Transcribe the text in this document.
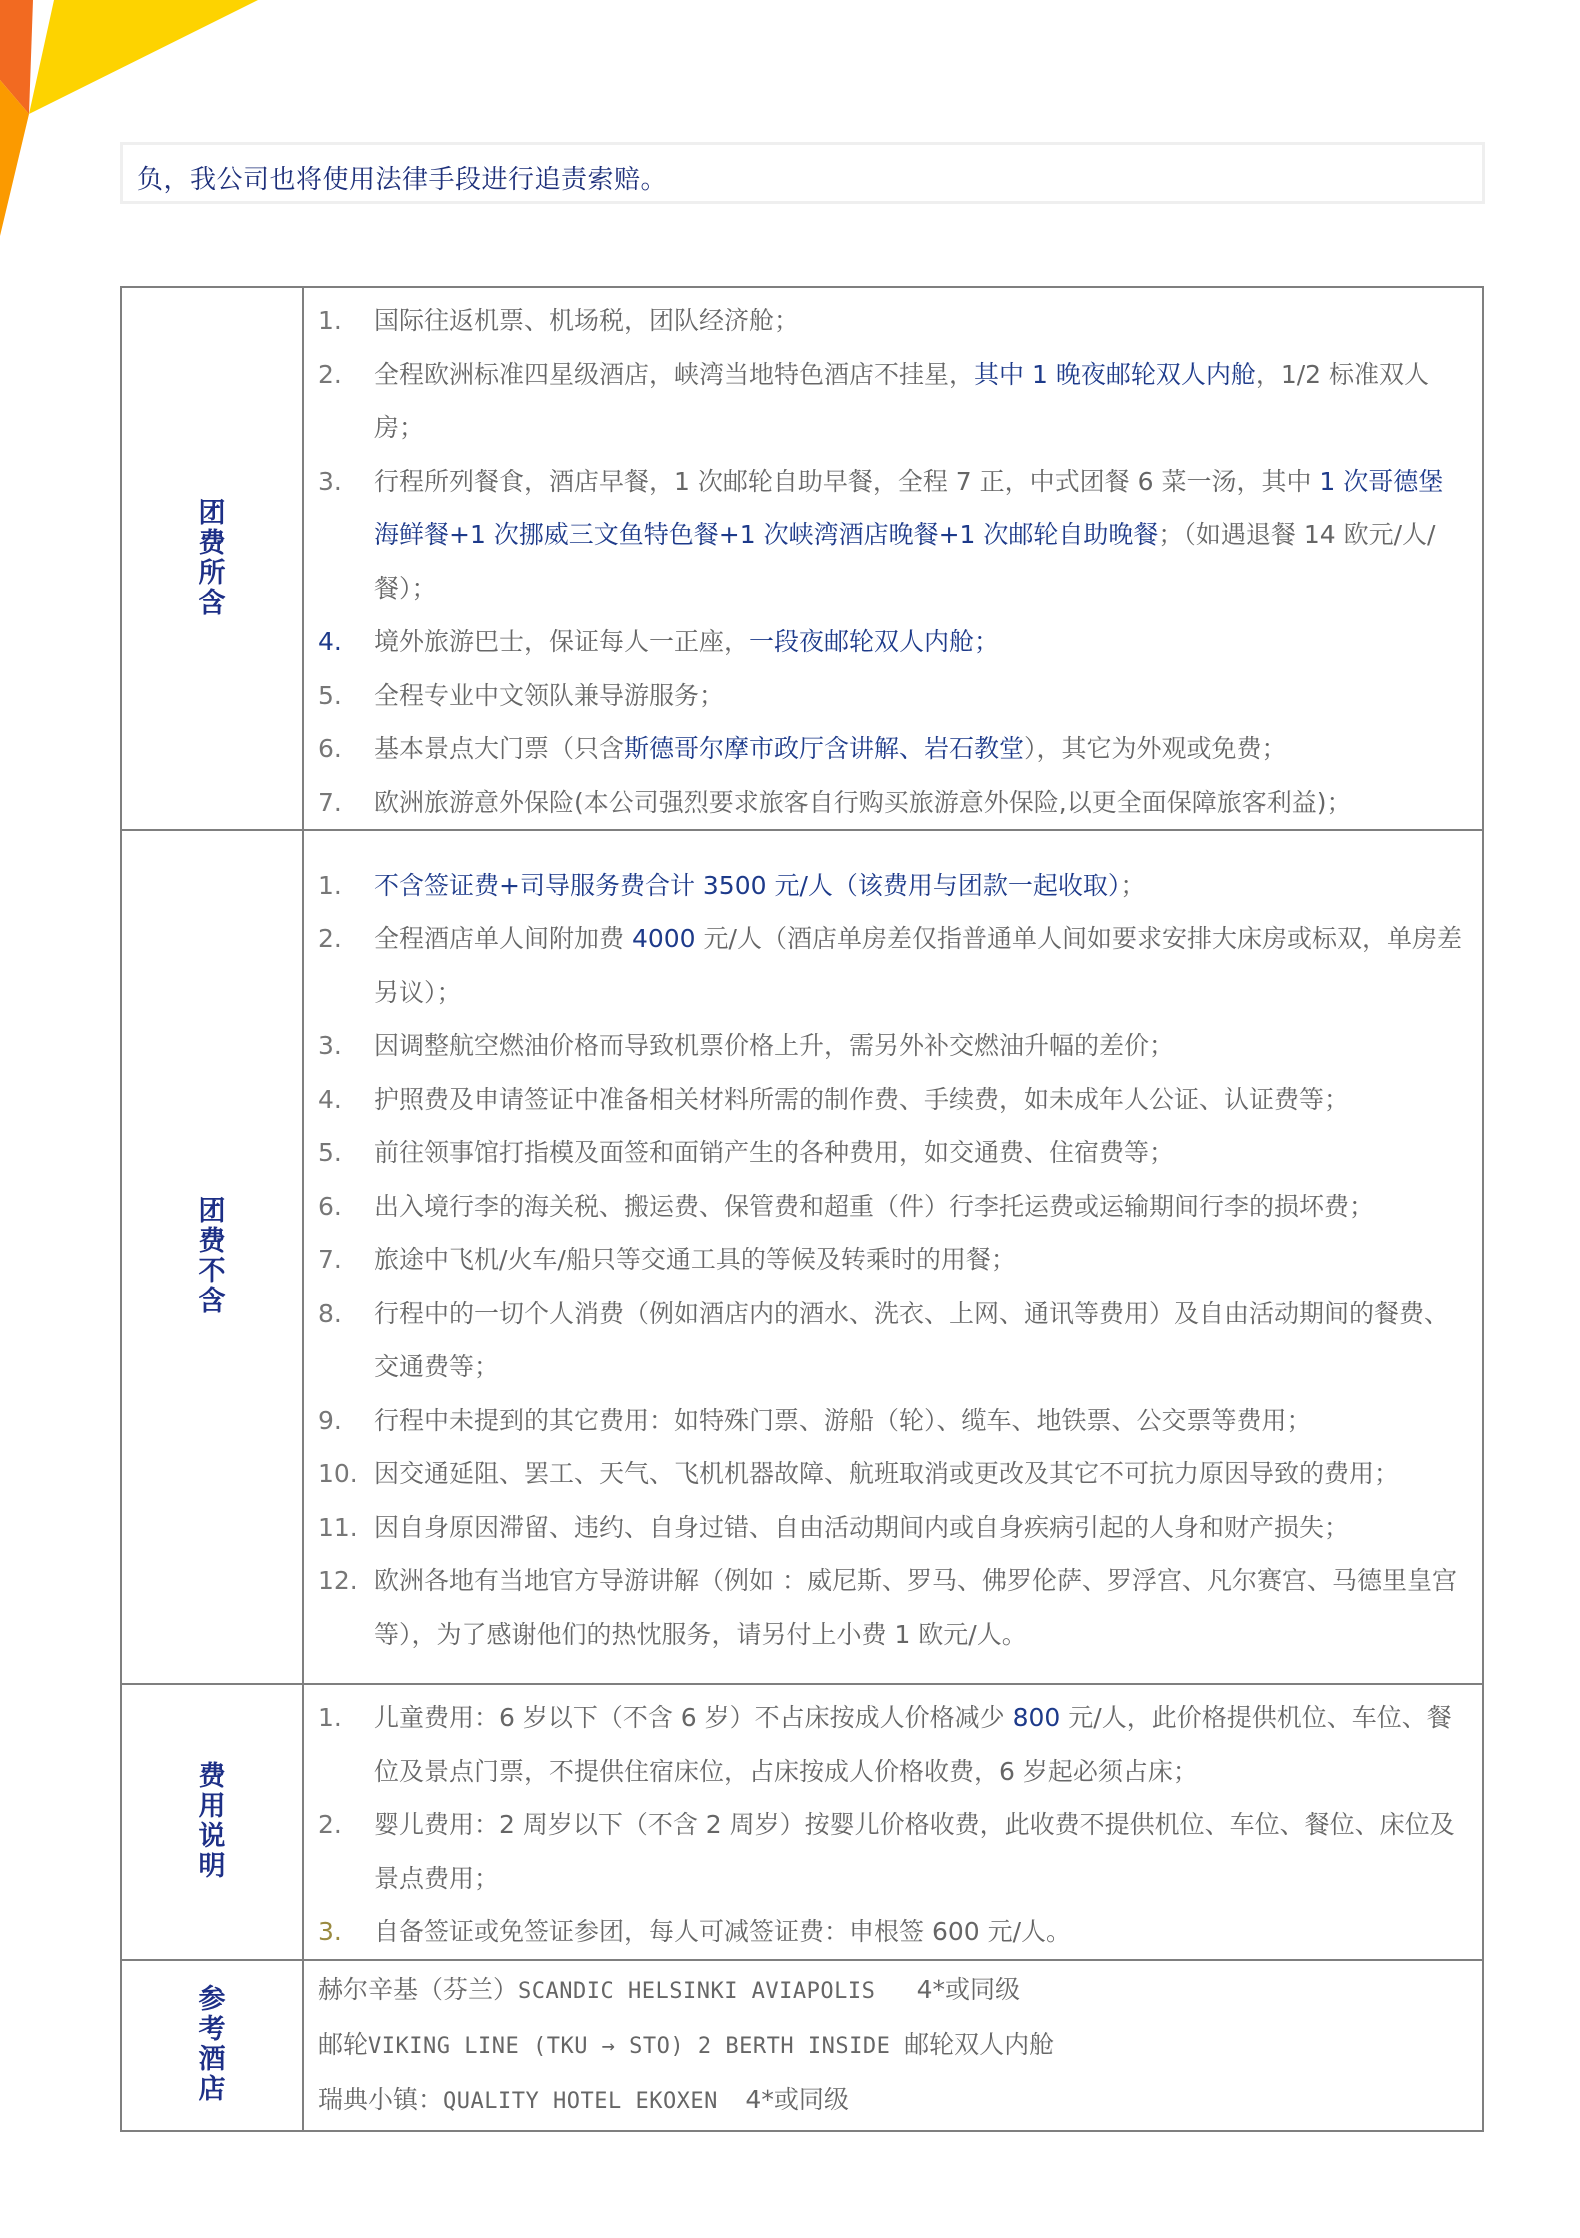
负，我公司也将使用法律手段进行追责索赔。
团费所含	
1.	国际往返机票、机场税，团队经济舱；
2.	全程欧洲标准四星级酒店，峡湾当地特色酒店不挂星，其中 1 晚夜邮轮双人内舱，1/2 标准双人房；
3.	行程所列餐食，酒店早餐，1 次邮轮自助早餐，全程 7 正，中式团餐 6 菜一汤，其中 1 次哥德堡海鲜餐+1 次挪威三文鱼特色餐+1 次峡湾酒店晚餐+1 次邮轮自助晚餐；（如遇退餐 14 欧元/人/餐）；
4.	境外旅游巴士，保证每人一正座，一段夜邮轮双人内舱；
5.	全程专业中文领队兼导游服务；
6.	基本景点大门票（只含斯德哥尔摩市政厅含讲解、岩石教堂），其它为外观或免费；
7.	欧洲旅游意外保险(本公司强烈要求旅客自行购买旅游意外保险,以更全面保障旅客利益)；

团费不含	
1.	不含签证费+司导服务费合计 3500 元/人（该费用与团款一起收取）；
2.	全程酒店单人间附加费 4000 元/人（酒店单房差仅指普通单人间如要求安排大床房或标双，单房差另议）；
3.	因调整航空燃油价格而导致机票价格上升，需另外补交燃油升幅的差价；
4.	护照费及申请签证中准备相关材料所需的制作费、手续费，如未成年人公证、认证费等；
5.	前往领事馆打指模及面签和面销产生的各种费用，如交通费、住宿费等；
6.	出入境行李的海关税、搬运费、保管费和超重（件）行李托运费或运输期间行李的损坏费；
7.	旅途中飞机/火车/船只等交通工具的等候及转乘时的用餐；
8.	行程中的一切个人消费（例如酒店内的酒水、洗衣、上网、通讯等费用）及自由活动期间的餐费、交通费等；
9.	行程中未提到的其它费用：如特殊门票、游船（轮）、缆车、地铁票、公交票等费用；
10. 因交通延阻、罢工、天气、飞机机器故障、航班取消或更改及其它不可抗力原因导致的费用；
11. 因自身原因滞留、违约、自身过错、自由活动期间内或自身疾病引起的人身和财产损失；
12. 欧洲各地有当地官方导游讲解（例如 ：威尼斯、罗马、佛罗伦萨、罗浮宫、凡尔赛宫、马德里皇宫等），为了感谢他们的热忱服务，请另付上小费 1 欧元/人。

费用说明	
1.	儿童费用：6 岁以下（不含 6 岁）不占床按成人价格减少 800 元/人，此价格提供机位、车位、餐位及景点门票，不提供住宿床位，占床按成人价格收费，6 岁起必须占床；
2.	婴儿费用：2 周岁以下（不含 2 周岁）按婴儿价格收费，此收费不提供机位、车位、餐位、床位及景点费用；
3.	自备签证或免签证参团，每人可减签证费：申根签 600 元/人。

参考酒店	赫尔辛基（芬兰）SCANDIC HELSINKI AVIAPOLIS   4*或同级
邮轮VIKING LINE (TKU → STO) 2 BERTH INSIDE 邮轮双人内舱
瑞典小镇：QUALITY HOTEL EKOXEN  4*或同级
